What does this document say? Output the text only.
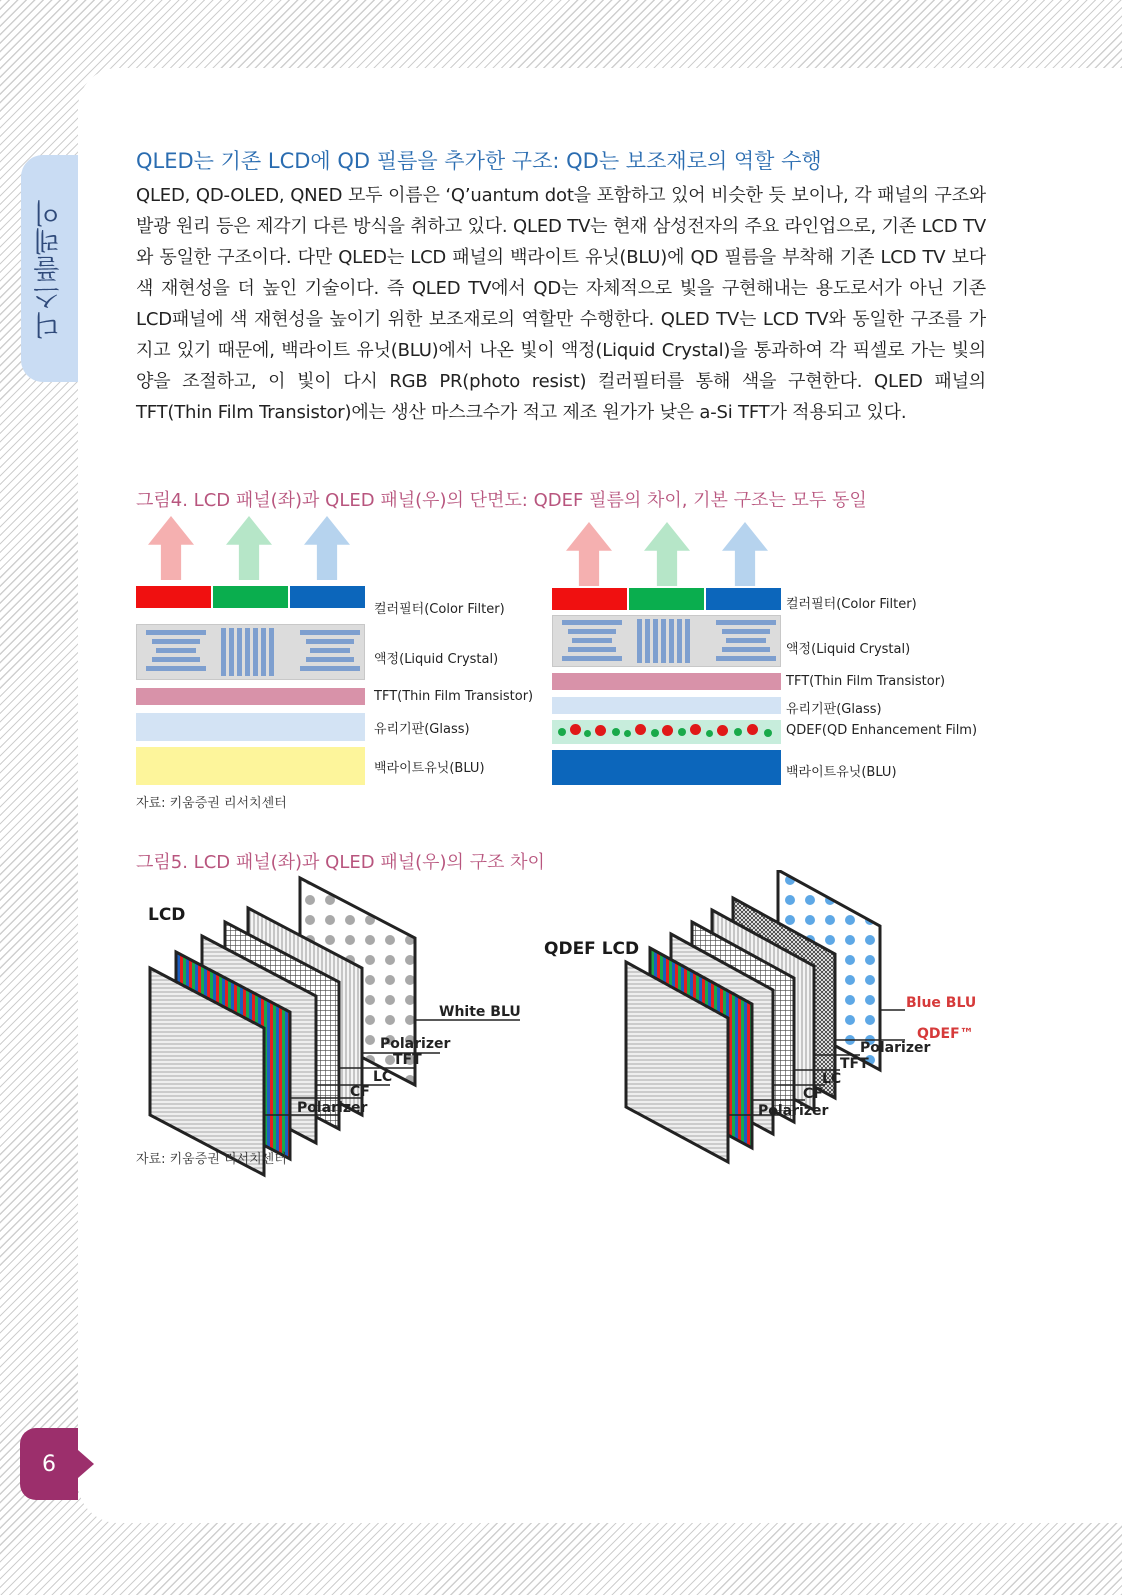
디스플레이
6
QLED는 기존 LCD에 QD 필름을 추가한 구조: QD는 보조재로의 역할 수행

QLED, QD-OLED, QNED 모두 이름은 ‘Q’uantum dot을 포함하고 있어 비슷한 듯 보이나, 각 패널의 구조와 발광 원리 등은 제각기 다른 방식을 취하고 있다. QLED TV는 현재 삼성전자의 주요 라인업으로, 기존 LCD TV와 동일한 구조이다. 다만 QLED는 LCD 패널의 백라이트 유닛(BLU)에 QD 필름을 부착해 기존 LCD TV 보다 색 재현성을 더 높인 기술이다. 즉 QLED TV에서 QD는 자체적으로 빛을 구현해내는 용도로서가 아닌 기존 LCD패널에 색 재현성을 높이기 위한 보조재로의 역할만 수행한다. QLED TV는 LCD TV와 동일한 구조를 가지고 있기 때문에, 백라이트 유닛(BLU)에서 나온 빛이 액정(Liquid Crystal)을 통과하여 각 픽셀로 가는 빛의 양을 조절하고, 이 빛이 다시 RGB PR(photo resist) 컬러필터를 통해 색을 구현한다. QLED 패널의 TFT(Thin Film Transistor)에는 생산 마스크수가 적고 제조 원가가 낮은 a-Si TFT가 적용되고 있다.

그림4. LCD 패널(좌)과 QLED 패널(우)의 단면도: QDEF 필름의 차이, 기본 구조는 모두 동일
컬러필터(Color Filter)
액정(Liquid Crystal)
TFT(Thin Film Transistor)
유리기판(Glass)
백라이트유닛(BLU)
컬러필터(Color Filter)
액정(Liquid Crystal)
TFT(Thin Film Transistor)
유리기판(Glass)
QDEF(QD Enhancement Film)
백라이트유닛(BLU)
자료: 키움증권 리서치센터
그림5. LCD 패널(좌)과 QLED 패널(우)의 구조 차이
LCD
White BLU
Polarizer
TFT
LC
CF
Polarizer
QDEF LCD
Blue BLU
QDEF™
Polarizer
TFT
LC
CF
Polarizer
자료: 키움증권 리서치센터
